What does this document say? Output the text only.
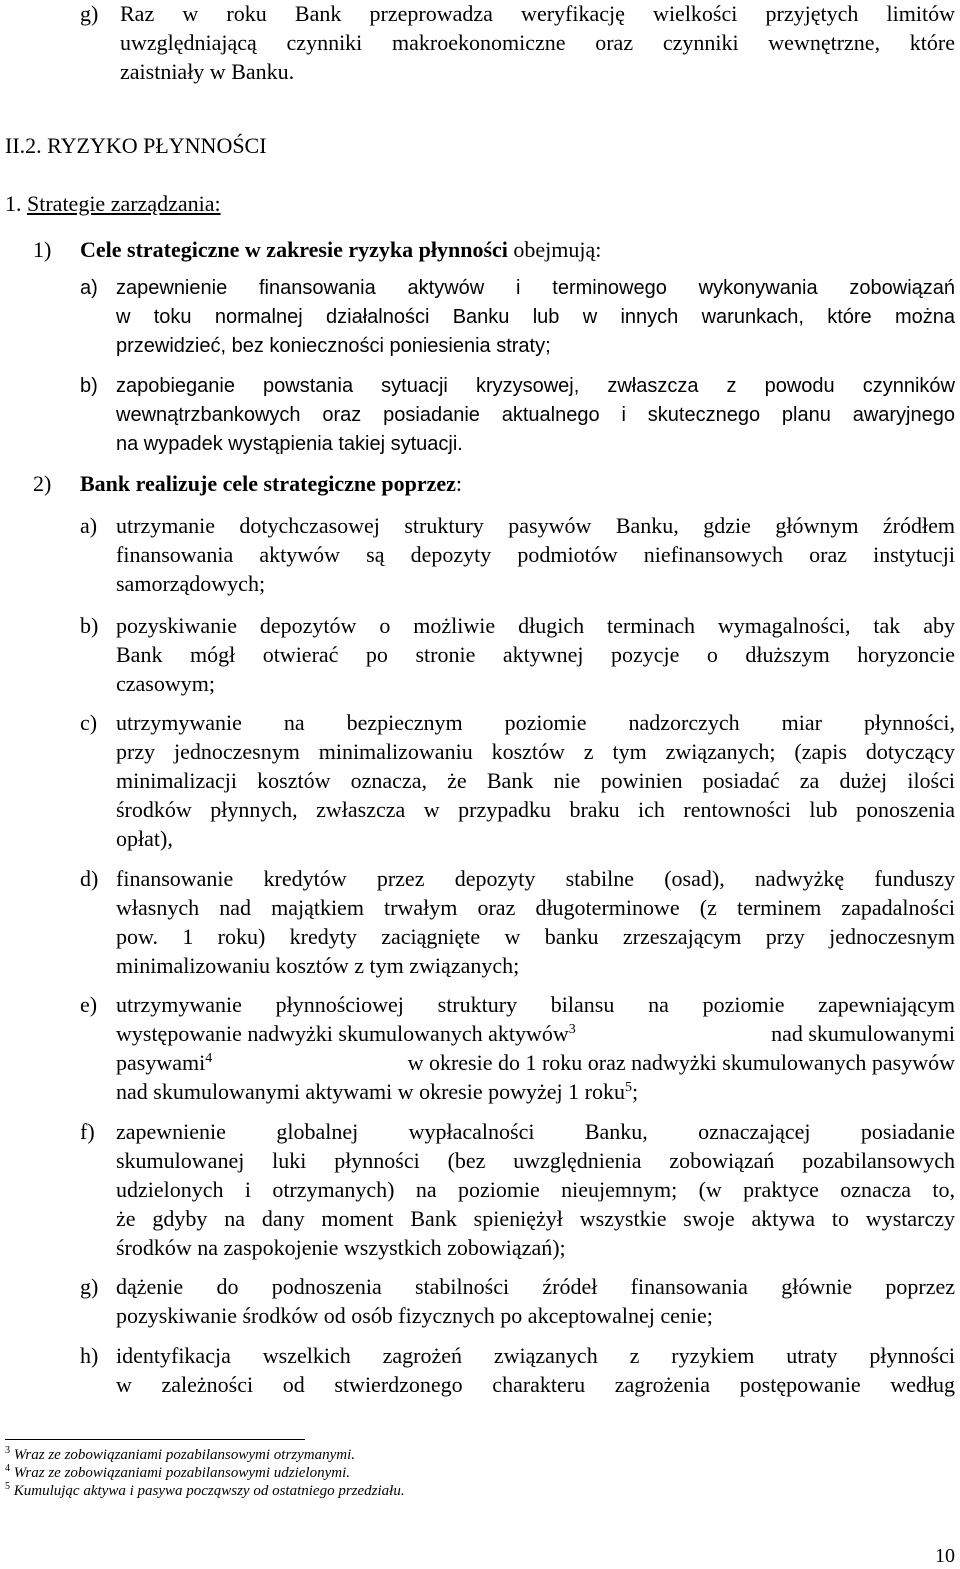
g) Raz w roku Bank przeprowadza weryfikację wielkości przyjętych limitów
uwzględniającą czynniki makroekonomiczne oraz czynniki wewnętrzne, które
zaistniały w Banku.
II.2. RYZYKO PŁYNNOŚCI
1. Strategie zarządzania:
1) Cele strategiczne w zakresie ryzyka płynności obejmują:
a) zapewnienie finansowania aktywów i terminowego wykonywania zobowiązań
w toku normalnej działalności Banku lub w innych warunkach, które można
przewidzieć, bez konieczności poniesienia straty;
b) zapobieganie powstania sytuacji kryzysowej, zwłaszcza z powodu czynników
wewnątrzbankowych oraz posiadanie aktualnego i skutecznego planu awaryjnego
na wypadek wystąpienia takiej sytuacji.
2) Bank realizuje cele strategiczne poprzez:
a) utrzymanie dotychczasowej struktury pasywów Banku, gdzie głównym źródłem
finansowania aktywów są depozyty podmiotów niefinansowych oraz instytucji
samorządowych;
b) pozyskiwanie depozytów o możliwie długich terminach wymagalności, tak aby
Bank mógł otwierać po stronie aktywnej pozycje o dłuższym horyzoncie
czasowym;
c) utrzymywanie na bezpiecznym poziomie nadzorczych miar płynności,
przy jednoczesnym minimalizowaniu kosztów z tym związanych; (zapis dotyczący
minimalizacji kosztów oznacza, że Bank nie powinien posiadać za dużej ilości
środków płynnych, zwłaszcza w przypadku braku ich rentowności lub ponoszenia
opłat),
d) finansowanie kredytów przez depozyty stabilne (osad), nadwyżkę funduszy
własnych nad majątkiem trwałym oraz długoterminowe (z terminem zapadalności
pow. 1 roku) kredyty zaciągnięte w banku zrzeszającym przy jednoczesnym
minimalizowaniu kosztów z tym związanych;
e) utrzymywanie płynnościowej struktury bilansu na poziomie zapewniającym
występowanie nadwyżki skumulowanych aktywów$^3$	nad skumulowanymi
pasywami$^4$	w okresie do 1 roku oraz nadwyżki skumulowanych pasywów
nad skumulowanymi aktywami w okresie powyżej 1 roku$^5$;
f) zapewnienie globalnej wypłacalności Banku, oznaczającej posiadanie
skumulowanej luki płynności (bez uwzględnienia zobowiązań pozabilansowych
udzielonych i otrzymanych) na poziomie nieujemnym; (w praktyce oznacza to,
że gdyby na dany moment Bank spieniężył wszystkie swoje aktywa to wystarczy
środków na zaspokojenie wszystkich zobowiązań);
g) dążenie do podnoszenia stabilności źródeł finansowania głównie poprzez
pozyskiwanie środków od osób fizycznych po akceptowalnej cenie;
h) identyfikacja wszelkich zagrożeń związanych z ryzykiem utraty płynności
w zależności od stwierdzonego charakteru zagrożenia postępowanie według
$^3$ Wraz ze zobowiązaniami pozabilansowymi otrzymanymi.
$^4$ Wraz ze zobowiązaniami pozabilansowymi udzielonymi.
$^5$ Kumulując aktywa i pasywa począwszy od ostatniego przedziału.
10
